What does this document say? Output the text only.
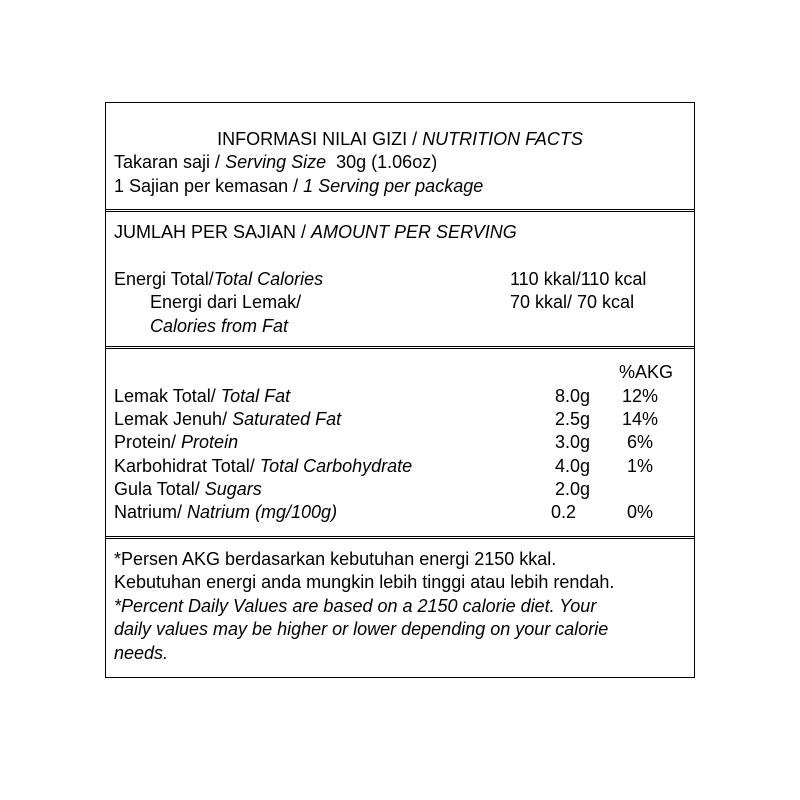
INFORMASI NILAI GIZI / NUTRITION FACTS
Takaran saji / Serving Size  30g (1.06oz)
1 Sajian per kemasan / 1 Serving per package
JUMLAH PER SAJIAN / AMOUNT PER SERVING
Energi Total/Total Calories	110 kkal/110 kcal
Energi dari Lemak/	70 kkal/ 70 kcal
Calories from Fat
%AKG
Lemak Total/ Total Fat	8.0g	12%
Lemak Jenuh/ Saturated Fat	2.5g	14%
Protein/ Protein	3.0g	6%
Karbohidrat Total/ Total Carbohydrate	4.0g	1%
Gula Total/ Sugars	2.0g
Natrium/ Natrium (mg/100g)	0.2	0%
*Persen AKG berdasarkan kebutuhan energi 2150 kkal.
Kebutuhan energi anda mungkin lebih tinggi atau lebih rendah.
*Percent Daily Values are based on a 2150 calorie diet. Your
daily values may be higher or lower depending on your calorie
needs.
